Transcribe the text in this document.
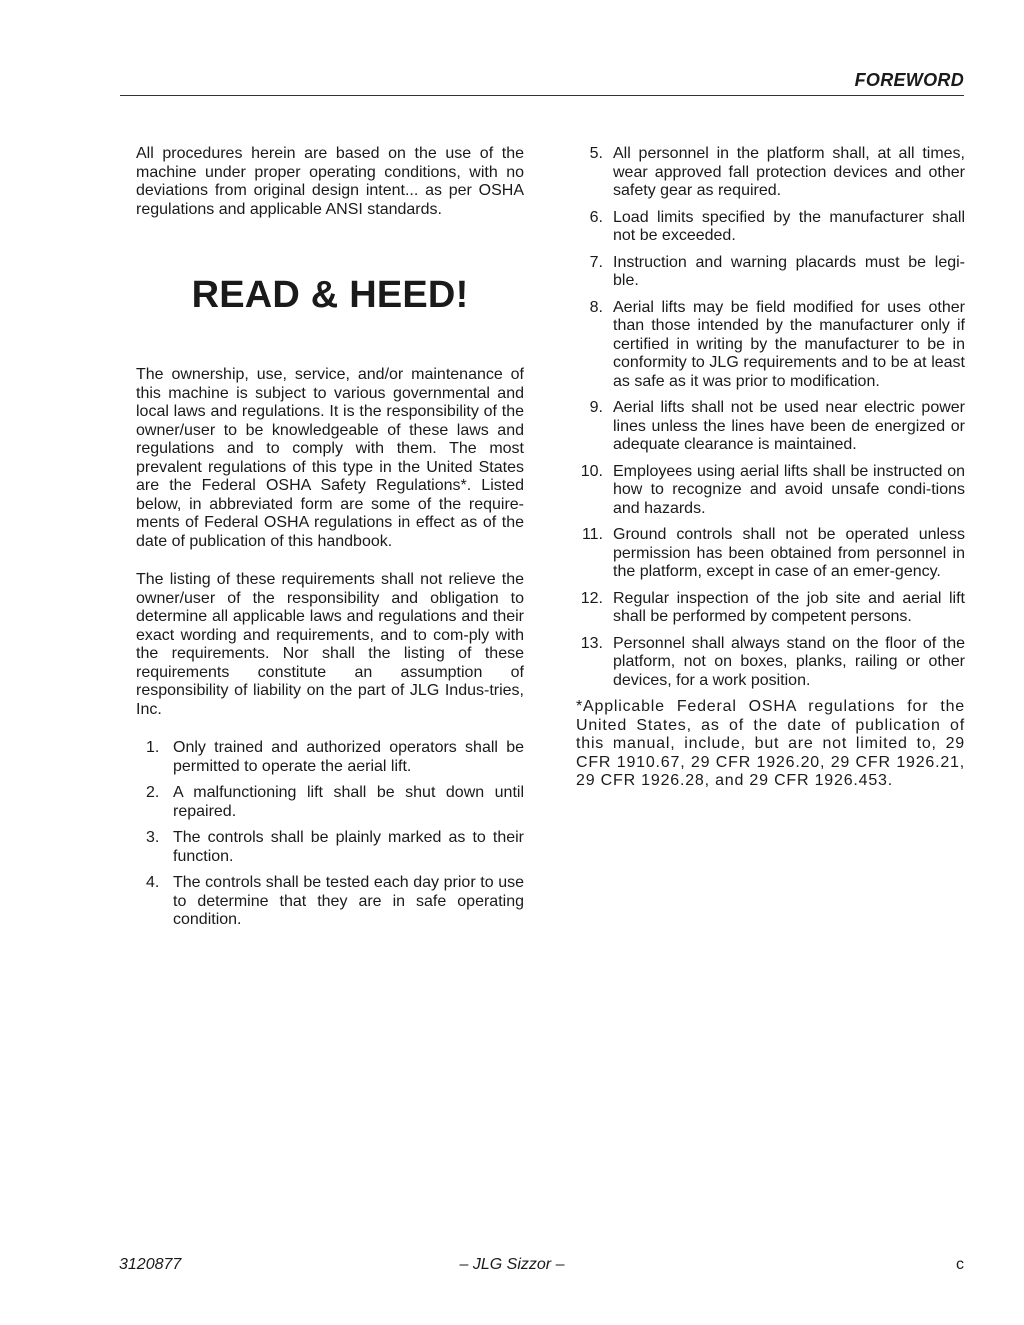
FOREWORD

All procedures herein are based on the use of the machine under proper operating conditions, with no deviations from original design intent... as per OSHA regulations and applicable ANSI standards.

READ & HEED!

The ownership, use, service, and/or maintenance of this machine is subject to various governmental and local laws and regulations. It is the responsibility of the owner/user to be knowledgeable of these laws and regulations and to comply with them. The most prevalent regulations of this type in the United States are the Federal OSHA Safety Regulations*. Listed below, in abbreviated form are some of the require-ments of Federal OSHA regulations in effect as of the date of publication of this handbook.

The listing of these requirements shall not relieve the owner/user of the responsibility and obligation to determine all applicable laws and regulations and their exact wording and requirements, and to com-ply with the requirements. Nor shall the listing of these requirements constitute an assumption of responsibility of liability on the part of JLG Indus-tries, Inc.

1. Only trained and authorized operators shall be permitted to operate the aerial lift.
2. A malfunctioning lift shall be shut down until repaired.
3. The controls shall be plainly marked as to their function.
4. The controls shall be tested each day prior to use to determine that they are in safe operating condition.
5. All personnel in the platform shall, at all times, wear approved fall protection devices and other safety gear as required.
6. Load limits specified by the manufacturer shall not be exceeded.
7. Instruction and warning placards must be legi-ble.
8. Aerial lifts may be field modified for uses other than those intended by the manufacturer only if certified in writing by the manufacturer to be in conformity to JLG requirements and to be at least as safe as it was prior to modification.
9. Aerial lifts shall not be used near electric power lines unless the lines have been de energized or adequate clearance is maintained.
10. Employees using aerial lifts shall be instructed on how to recognize and avoid unsafe condi-tions and hazards.
11. Ground controls shall not be operated unless permission has been obtained from personnel in the platform, except in case of an emer-gency.
12. Regular inspection of the job site and aerial lift shall be performed by competent persons.
13. Personnel shall always stand on the floor of the platform, not on boxes, planks, railing or other devices, for a work position.

*Applicable Federal OSHA regulations for the United States, as of the date of publication of this manual, include, but are not limited to, 29 CFR 1910.67, 29 CFR 1926.20, 29 CFR 1926.21, 29 CFR 1926.28, and 29 CFR 1926.453.

3120877	– JLG Sizzor –	c
